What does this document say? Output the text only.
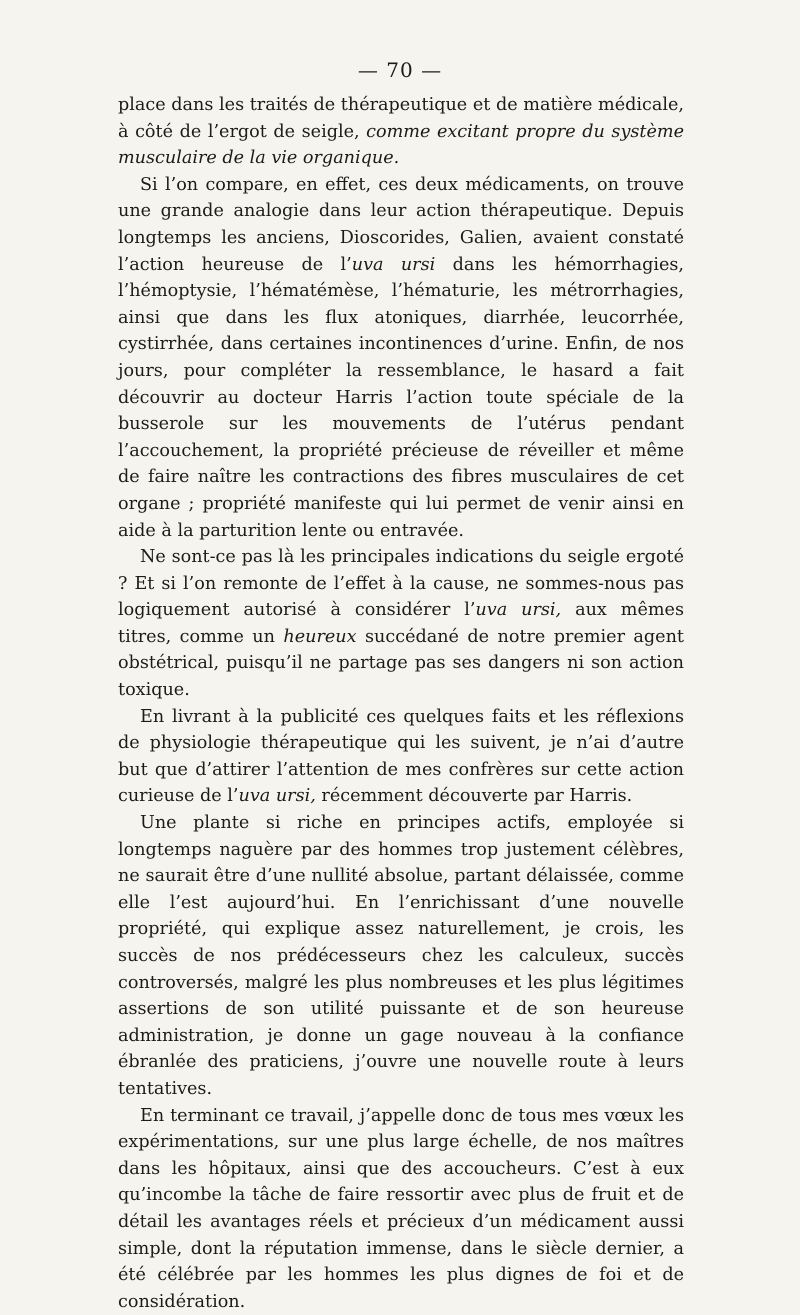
— 70 —

place dans les traités de thérapeutique et de matière médicale, à côté de l’ergot de seigle, comme excitant propre du système musculaire de la vie organique.

Si l’on compare, en effet, ces deux médicaments, on trouve une grande analogie dans leur action thérapeutique. Depuis longtemps les anciens, Dioscorides, Galien, avaient constaté l’action heureuse de l’uva ursi dans les hémorrhagies, l’hémoptysie, l’hématémèse, l’hématurie, les métrorrhagies, ainsi que dans les flux atoniques, diarrhée, leucorrhée, cystirrhée, dans certaines incontinences d’urine. Enfin, de nos jours, pour compléter la ressemblance, le hasard a fait découvrir au docteur Harris l’action toute spéciale de la busserole sur les mouvements de l’utérus pendant l’accouchement, la propriété précieuse de réveiller et même de faire naître les contractions des fibres musculaires de cet organe ; propriété manifeste qui lui permet de venir ainsi en aide à la parturition lente ou entravée.

Ne sont-ce pas là les principales indications du seigle ergoté ? Et si l’on remonte de l’effet à la cause, ne sommes-nous pas logiquement autorisé à considérer l’uva ursi, aux mêmes titres, comme un heureux succédané de notre premier agent obstétrical, puisqu’il ne partage pas ses dangers ni son action toxique.

En livrant à la publicité ces quelques faits et les réflexions de physiologie thérapeutique qui les suivent, je n’ai d’autre but que d’attirer l’attention de mes confrères sur cette action curieuse de l’uva ursi, récemment découverte par Harris.

Une plante si riche en principes actifs, employée si longtemps naguère par des hommes trop justement célèbres, ne saurait être d’une nullité absolue, partant délaissée, comme elle l’est aujourd’hui. En l’enrichissant d’une nouvelle propriété, qui explique assez naturellement, je crois, les succès de nos prédécesseurs chez les calculeux, succès controversés, malgré les plus nombreuses et les plus légitimes assertions de son utilité puissante et de son heureuse administration, je donne un gage nouveau à la confiance ébranlée des praticiens, j’ouvre une nouvelle route à leurs tentatives.

En terminant ce travail, j’appelle donc de tous mes vœux les expérimentations, sur une plus large échelle, de nos maîtres dans les hôpitaux, ainsi que des accoucheurs. C’est à eux qu’incombe la tâche de faire ressortir avec plus de fruit et de détail les avantages réels et précieux d’un médicament aussi simple, dont la réputation immense, dans le siècle dernier, a été célébrée par les hommes les plus dignes de foi et de considération.
